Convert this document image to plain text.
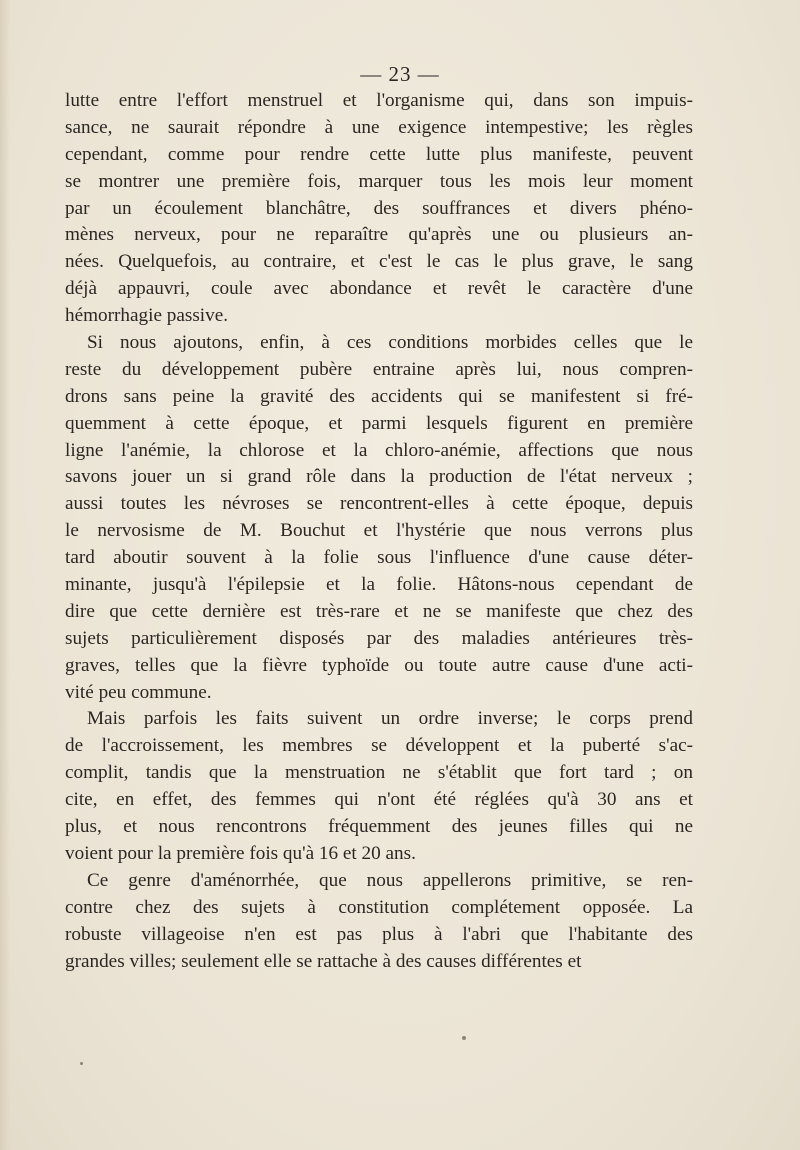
— 23 —
lutte entre l'effort menstruel et l'organisme qui, dans son impuis-
sance, ne saurait répondre à une exigence intempestive; les règles
cependant, comme pour rendre cette lutte plus manifeste, peuvent
se montrer une première fois, marquer tous les mois leur moment
par un écoulement blanchâtre, des souffrances et divers phéno-
mènes nerveux, pour ne reparaître qu'après une ou plusieurs an-
nées. Quelquefois, au contraire, et c'est le cas le plus grave, le sang
déjà appauvri, coule avec abondance et revêt le caractère d'une
hémorrhagie passive.
Si nous ajoutons, enfin, à ces conditions morbides celles que le
reste du développement pubère entraine après lui, nous compren-
drons sans peine la gravité des accidents qui se manifestent si fré-
quemment à cette époque, et parmi lesquels figurent en première
ligne l'anémie, la chlorose et la chloro-anémie, affections que nous
savons jouer un si grand rôle dans la production de l'état nerveux ;
aussi toutes les névroses se rencontrent-elles à cette époque, depuis
le nervosisme de M. Bouchut et l'hystérie que nous verrons plus
tard aboutir souvent à la folie sous l'influence d'une cause déter-
minante, jusqu'à l'épilepsie et la folie. Hâtons-nous cependant de
dire que cette dernière est très-rare et ne se manifeste que chez des
sujets particulièrement disposés par des maladies antérieures très-
graves, telles que la fièvre typhoïde ou toute autre cause d'une acti-
vité peu commune.
Mais parfois les faits suivent un ordre inverse; le corps prend
de l'accroissement, les membres se développent et la puberté s'ac-
complit, tandis que la menstruation ne s'établit que fort tard ; on
cite, en effet, des femmes qui n'ont été réglées qu'à 30 ans et
plus, et nous rencontrons fréquemment des jeunes filles qui ne
voient pour la première fois qu'à 16 et 20 ans.
Ce genre d'aménorrhée, que nous appellerons primitive, se ren-
contre chez des sujets à constitution complétement opposée. La
robuste villageoise n'en est pas plus à l'abri que l'habitante des
grandes villes; seulement elle se rattache à des causes différentes et
